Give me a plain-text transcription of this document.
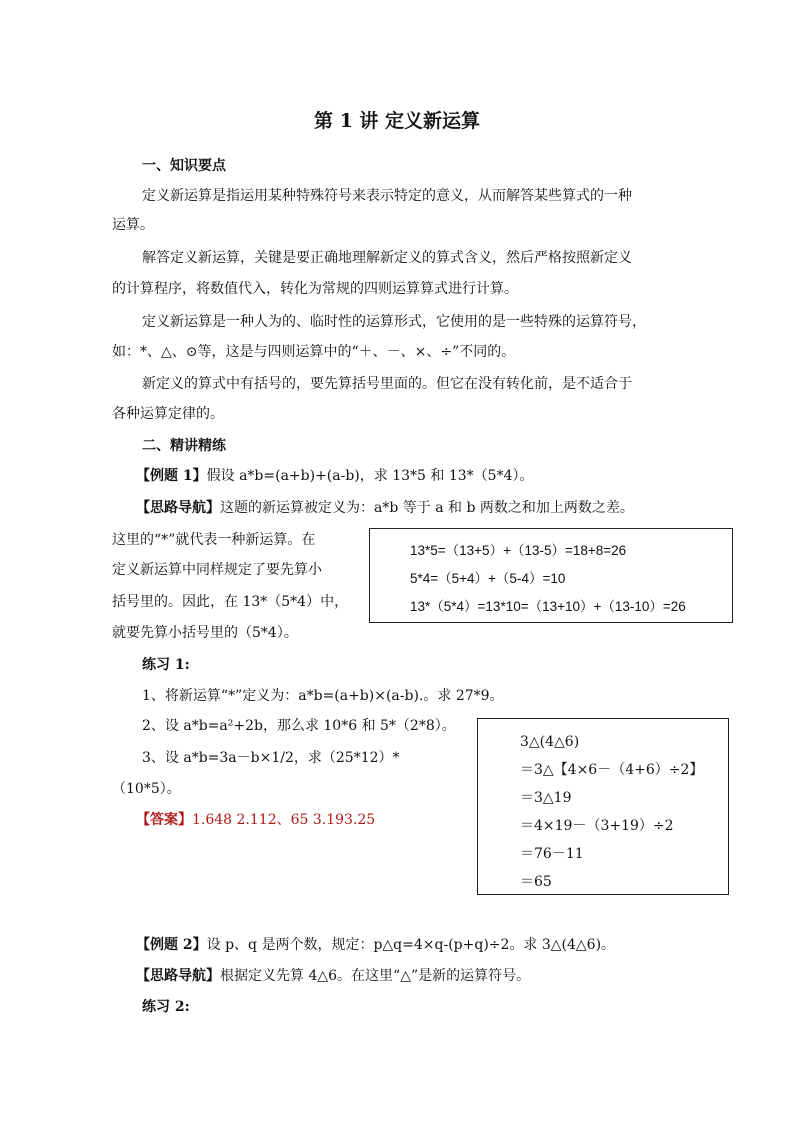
第 1 讲 定义新运算
一、知识要点
定义新运算是指运用某种特殊符号来表示特定的意义，从而解答某些算式的一种
运算。
解答定义新运算，关键是要正确地理解新定义的算式含义，然后严格按照新定义
的计算程序，将数值代入，转化为常规的四则运算算式进行计算。
定义新运算是一种人为的、临时性的运算形式，它使用的是一些特殊的运算符号，
如：*、△、⊙等，这是与四则运算中的“＋、－、×、÷”不同的。
新定义的算式中有括号的，要先算括号里面的。但它在没有转化前，是不适合于
各种运算定律的。
二、精讲精练
【例题 1】假设 a*b=(a+b)+(a-b)，求 13*5 和 13*（5*4）。
【思路导航】这题的新运算被定义为：a*b 等于 a 和 b 两数之和加上两数之差。
这里的“*”就代表一种新运算。在
定义新运算中同样规定了要先算小
括号里的。因此，在 13*（5*4）中，
就要先算小括号里的（5*4）。
13*5=（13+5）+（13-5）=18+8=26
5*4=（5+4）+（5-4）=10
13*（5*4）=13*10=（13+10）+（13-10）=26
练习 1:
1、将新运算“*”定义为：a*b=(a+b)×(a-b).。求 27*9。
2、设 a*b=a²+2b，那么求 10*6 和 5*（2*8）。
3、设 a*b=3a－b×1/2，求（25*12）*
（10*5）。
【答案】1.648 2.112、65 3.193.25
3△(4△6)
＝3△【4×6－（4+6）÷2】
＝3△19
＝4×19－（3+19）÷2
＝76－11
＝65
【例题 2】设 p、q 是两个数，规定：p△q=4×q-(p+q)÷2。求 3△(4△6)。
【思路导航】根据定义先算 4△6。在这里“△”是新的运算符号。
练习 2:
